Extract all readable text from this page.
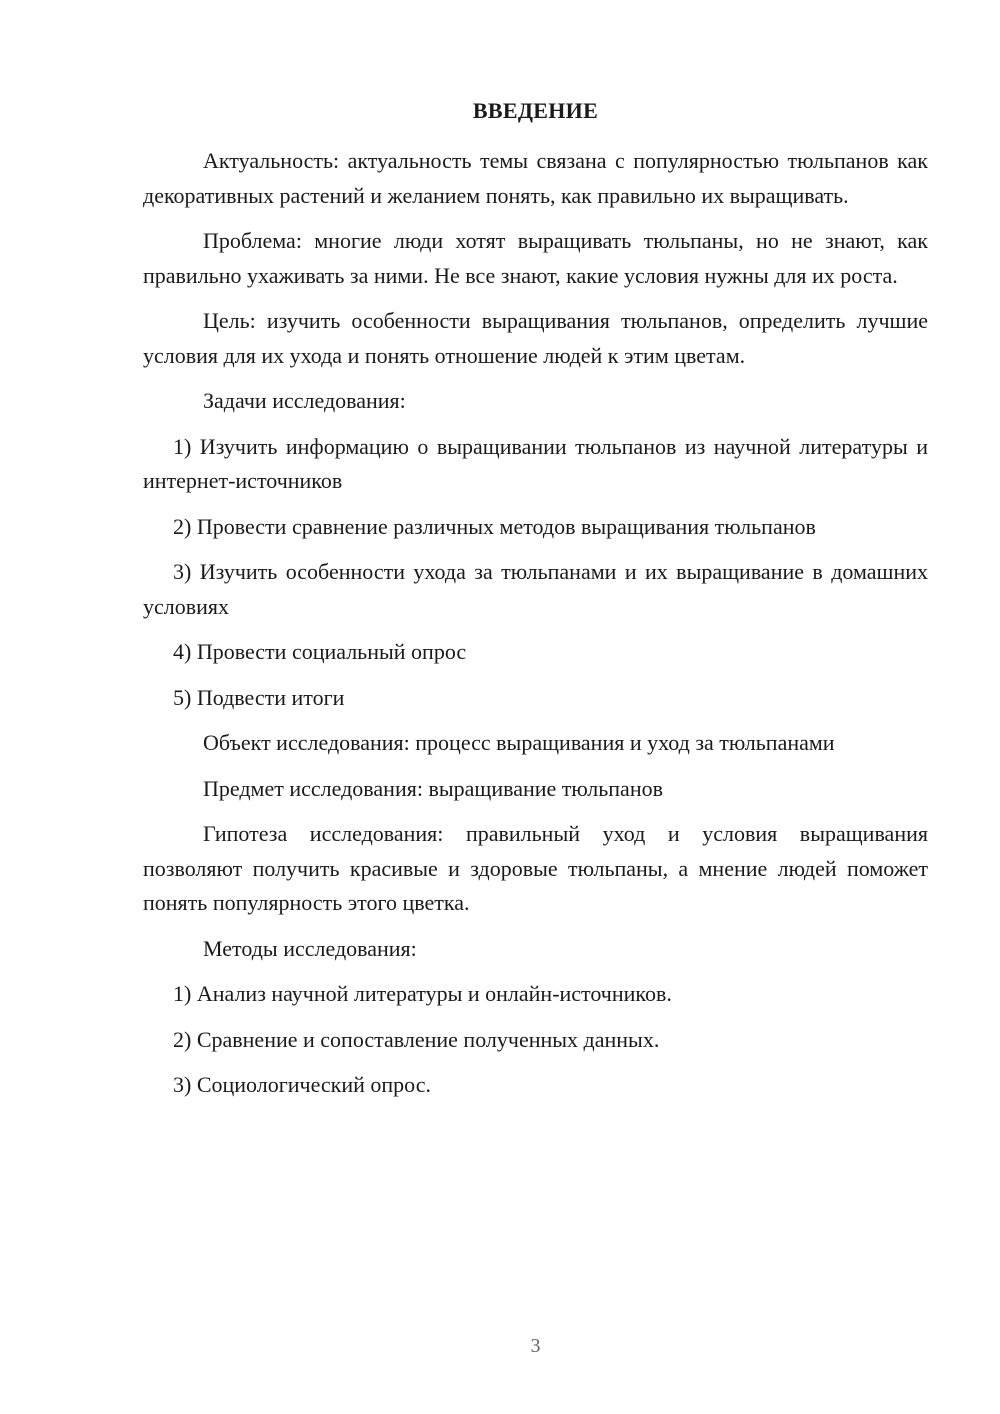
ВВЕДЕНИЕ

Актуальность: актуальность темы связана с популярностью тюльпанов как декоративных растений и желанием понять, как правильно их выращивать.

Проблема: многие люди хотят выращивать тюльпаны, но не знают, как правильно ухаживать за ними. Не все знают, какие условия нужны для их роста.

Цель: изучить особенности выращивания тюльпанов, определить лучшие условия для их ухода и понять отношение людей к этим цветам.

Задачи исследования:

1) Изучить информацию о выращивании тюльпанов из научной литературы и интернет-источников

2) Провести сравнение различных методов выращивания тюльпанов

3) Изучить особенности ухода за тюльпанами и их выращивание в домашних условиях

4) Провести социальный опрос

5) Подвести итоги

Объект исследования: процесс выращивания и уход за тюльпанами

Предмет исследования: выращивание тюльпанов

Гипотеза исследования: правильный уход и условия выращивания позволяют получить красивые и здоровые тюльпаны, а мнение людей поможет понять популярность этого цветка.

Методы исследования:

1) Анализ научной литературы и онлайн-источников.

2) Сравнение и сопоставление полученных данных.

3) Социологический опрос.

3
